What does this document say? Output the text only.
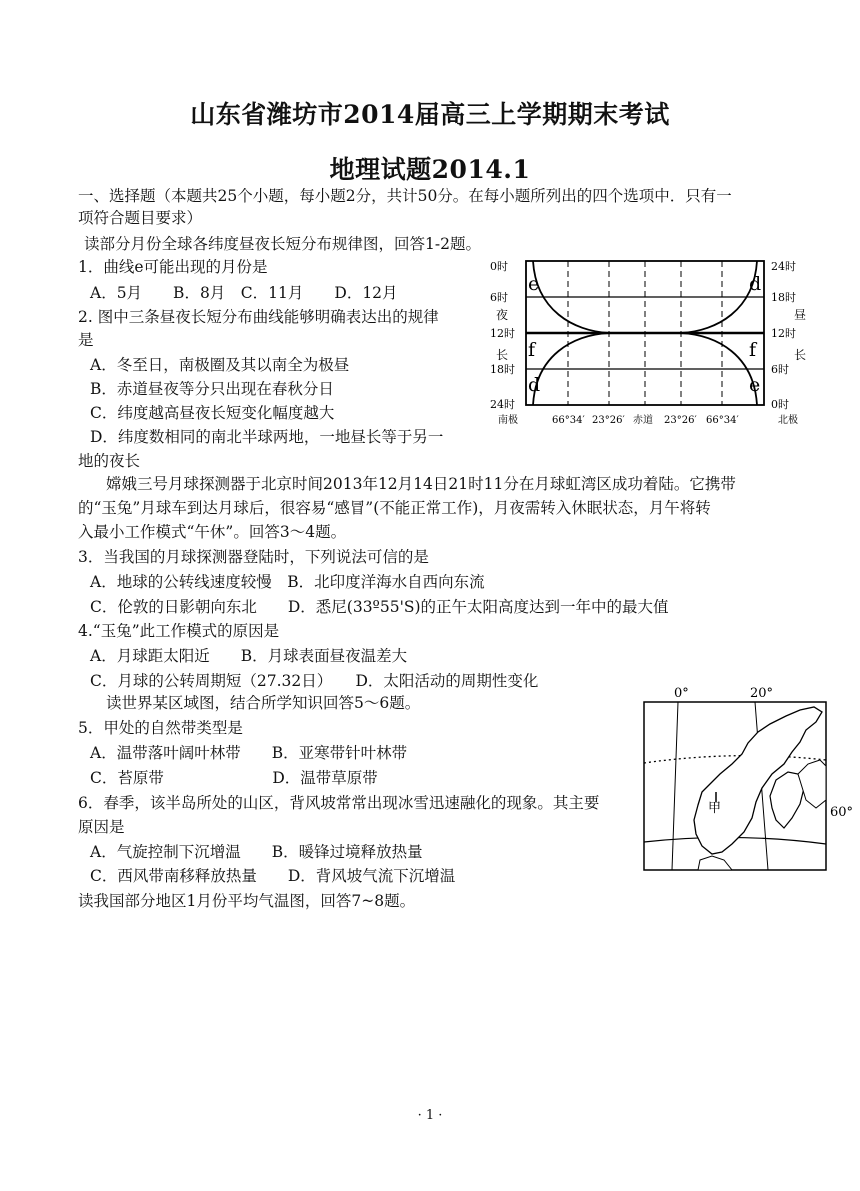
山东省潍坊市2014届高三上学期期末考试
地理试题2014.1
一、选择题（本题共25个小题，每小题2分，共计50分。在每小题所列出的四个选项中．只有一
项符合题目要求）
读部分月份全球各纬度昼夜长短分布规律图，回答1-2题。
1．曲线e可能出现的月份是
A．5月　　B．8月　C．11月　　D．12月
2. 图中三条昼夜长短分布曲线能够明确表达出的规律
是
A．冬至日，南极圈及其以南全为极昼
B．赤道昼夜等分只出现在春秋分日
C．纬度越高昼夜长短变化幅度越大
D．纬度数相同的南北半球两地，一地昼长等于另一
地的夜长
0时
6时
12时
18时
24时
夜
长
24时
18时
12时
6时
0时
昼
长
e
f
d
d
f
e
南极	66°34′ 23°26′ 赤道 23°26′ 66°34′	北极
嫦娥三号月球探测器于北京时间2013年12月14日21时11分在月球虹湾区成功着陆。它携带
的“玉兔”月球车到达月球后，很容易“感冒”(不能正常工作)，月夜需转入休眠状态，月午将转
入最小工作模式“午休”。回答3～4题。
3．当我国的月球探测器登陆时，下列说法可信的是
A．地球的公转线速度较慢　B．北印度洋海水自西向东流
C．伦敦的日影朝向东北　　D．悉尼(33º55'S)的正午太阳高度达到一年中的最大值
4.“玉兔”此工作模式的原因是
A．月球距太阳近　　B．月球表面昼夜温差大
C．月球的公转周期短（27.32日）　　D．太阳活动的周期性变化
读世界某区域图，结合所学知识回答5～6题。
5．甲处的自然带类型是
A．温带落叶阔叶林带　　B．亚寒带针叶林带
C．苔原带　　　　　　　D．温带草原带
6．春季，该半岛所处的山区，背风坡常常出现冰雪迅速融化的现象。其主要
原因是
A．气旋控制下沉增温　　B．暖锋过境释放热量
C．西风带南移释放热量　　D．背风坡气流下沉增温
读我国部分地区1月份平均气温图，回答7~8题。
0°	20°
60°
甲
· 1 ·
